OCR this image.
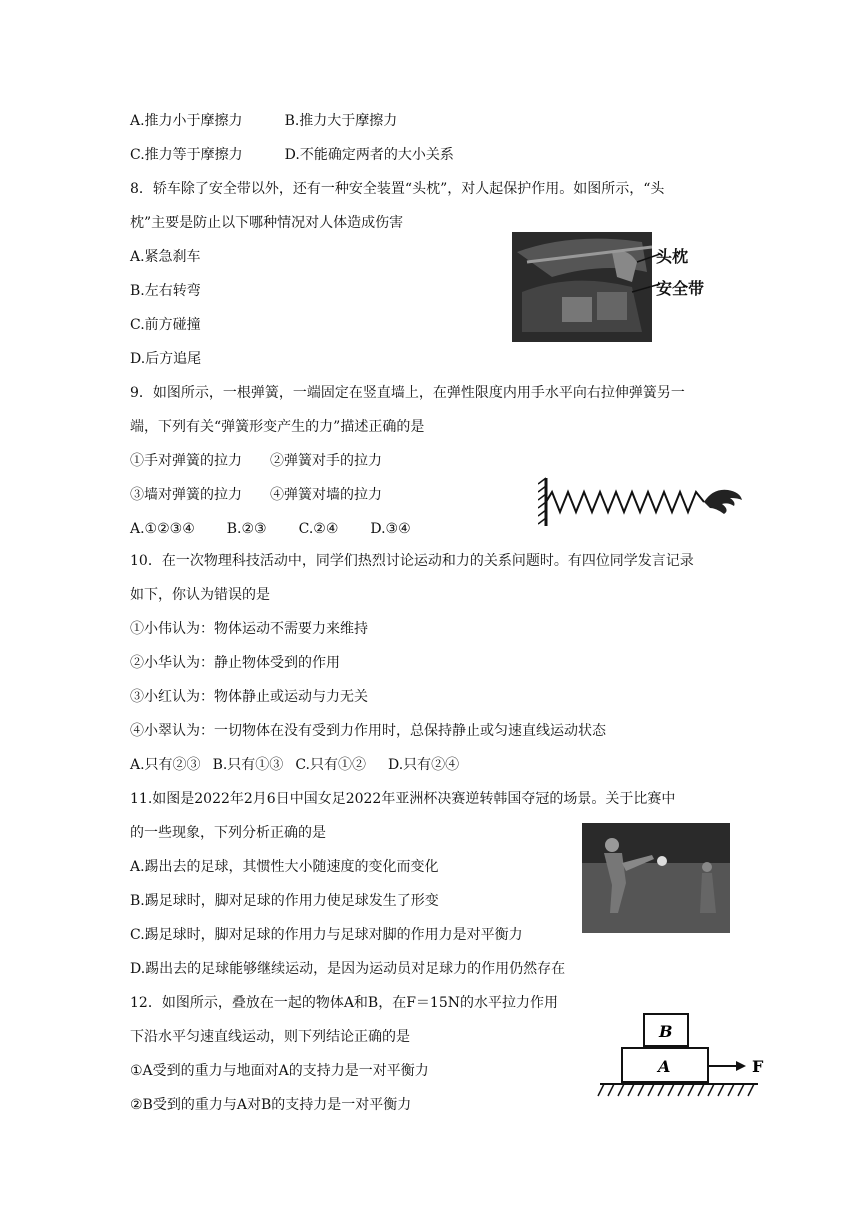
A.推力小于摩擦力	B.推力大于摩擦力
C.推力等于摩擦力	D.不能确定两者的大小关系
8．轿车除了安全带以外，还有一种安全装置“头枕”，对人起保护作用。如图所示，“头
枕”主要是防止以下哪种情况对人体造成伤害
A.紧急刹车
B.左右转弯
C.前方碰撞
D.后方追尾
头枕
安全带
9．如图所示，一根弹簧，一端固定在竖直墙上，在弹性限度内用手水平向右拉伸弹簧另一
端，下列有关“弹簧形变产生的力”描述正确的是
①手对弹簧的拉力 ②弹簧对手的拉力
③墙对弹簧的拉力 ④弹簧对墙的拉力
A.①②③④ B.②③ C.②④ D.③④
10．在一次物理科技活动中，同学们热烈讨论运动和力的关系问题时。有四位同学发言记录
如下，你认为错误的是
①小伟认为：物体运动不需要力来维持
②小华认为：静止物体受到的作用
③小红认为：物体静止或运动与力无关
④小翠认为：一切物体在没有受到力作用时，总保持静止或匀速直线运动状态
A.只有②③ B.只有①③ C.只有①② D.只有②④
11.如图是2022年2月6日中国女足2022年亚洲杯决赛逆转韩国夺冠的场景。关于比赛中
的一些现象，下列分析正确的是
A.踢出去的足球，其惯性大小随速度的变化而变化
B.踢足球时，脚对足球的作用力使足球发生了形变
C.踢足球时，脚对足球的作用力与足球对脚的作用力是对平衡力
D.踢出去的足球能够继续运动，是因为运动员对足球力的作用仍然存在
12．如图所示，叠放在一起的物体A和B，在F＝15N的水平拉力作用
下沿水平匀速直线运动，则下列结论正确的是
①A受到的重力与地面对A的支持力是一对平衡力
②B受到的重力与A对B的支持力是一对平衡力
B
A	F
